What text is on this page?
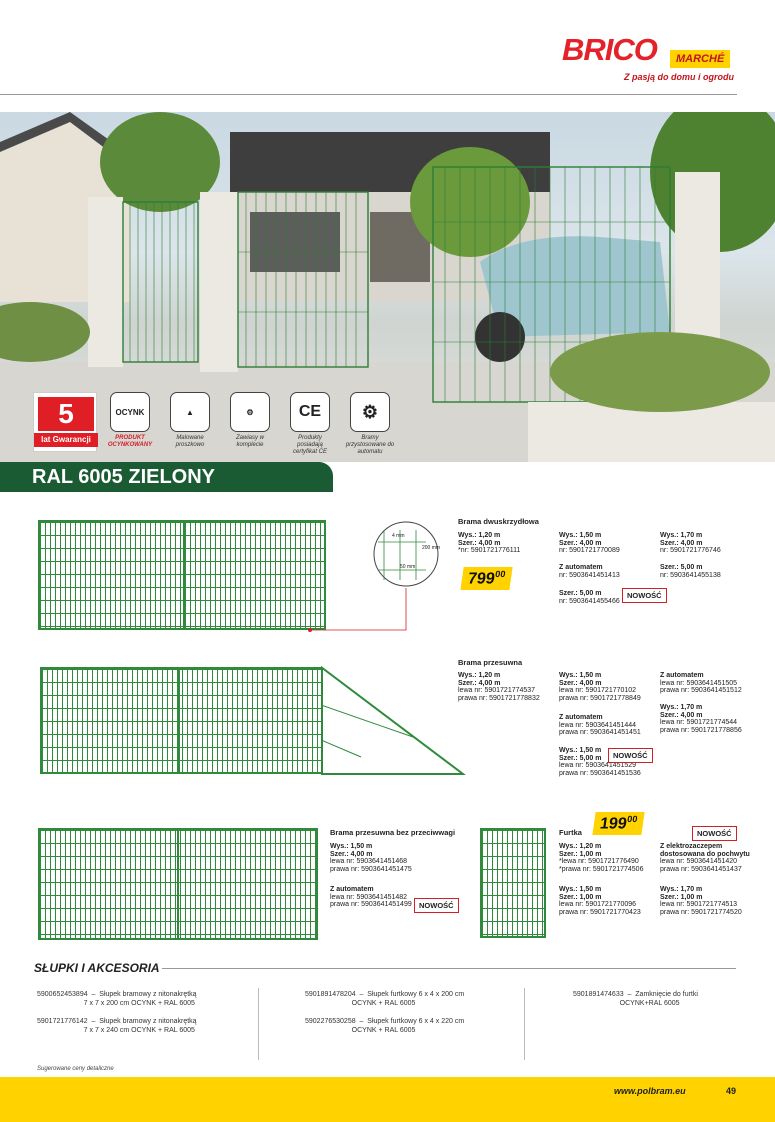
BRICO	MARCHÉ
Z pasją do domu i ogrodu
5
lat Gwarancji
OCYNK
PRODUKT OCYNKOWANY
▲
Malowane proszkowo
⚙
Zawiasy w komplecie
CE
Produkty posiadają certyfikat CE
⚙
Bramy przystosowane do automatu
RAL 6005 ZIELONY
4 mm
50 mm
200 mm
Brama dwuskrzydłowa
Wys.: 1,20 m
Szer.: 4,00 m
*nr: 5901721776111
$799^{00}$
Wys.: 1,50 m
Szer.: 4,00 m
nr: 5901721770089
Z automatem
nr: 5903641451413
Szer.: 5,00 m
nr: 5903641455466
NOWOŚĆ
Wys.: 1,70 m
Szer.: 4,00 m
nr: 5901721776746
Szer.: 5,00 m
nr: 5903641455138
Brama przesuwna
Wys.: 1,20 m
Szer.: 4,00 m
lewa nr: 5901721774537
prawa nr: 5901721778832
Wys.: 1,50 m
Szer.: 4,00 m
lewa nr: 5901721770102
prawa nr: 5901721778849
Z automatem
lewa nr: 5903641451444
prawa nr: 5903641451451
Wys.: 1,50 m
Szer.: 5,00 m
lewa nr: 5903641451529
prawa nr: 5903641451536
NOWOŚĆ
Z automatem
lewa nr: 5903641451505
prawa nr: 5903641451512
Wys.: 1,70 m
Szer.: 4,00 m
lewa nr: 5901721774544
prawa nr: 5901721778856
Brama przesuwna bez przeciwwagi
Wys.: 1,50 m
Szer.: 4,00 m
lewa nr: 5903641451468
prawa nr: 5903641451475
Z automatem
lewa nr: 5903641451482
prawa nr: 5903641451499 NOWOŚĆ
Furtka
$199^{00}$
NOWOŚĆ
Wys.: 1,20 m
Szer.: 1,00 m
*lewa nr: 5901721776490
*prawa nr: 5901721774506
Wys.: 1,50 m
Szer.: 1,00 m
lewa nr: 5901721770096
prawa nr: 5901721770423
Z elektrozaczepem
dostosowana do pochwytu
lewa nr: 5903641451420
prawa nr: 5903641451437
Wys.: 1,70 m
Szer.: 1,00 m
lewa nr: 5901721774513
prawa nr: 5901721774520
SŁUPKI I AKCESORIA
5900652453894  –  Słupek bramowy z nitonakrętką
7 x 7 x 200 cm OCYNK + RAL 6005

5901721776142  –  Słupek bramowy z nitonakrętką
7 x 7 x 240 cm OCYNK + RAL 6005
5901891478204  –  Słupek furtkowy 6 x 4 x 200 cm
OCYNK + RAL 6005

5902276530258  –  Słupek furtkowy 6 x 4 x 220 cm
OCYNK + RAL 6005
5901891474633  –  Zamknięcie do furtki
OCYNK+RAL 6005
Sugerowane ceny detaliczne
www.polbram.eu	49
